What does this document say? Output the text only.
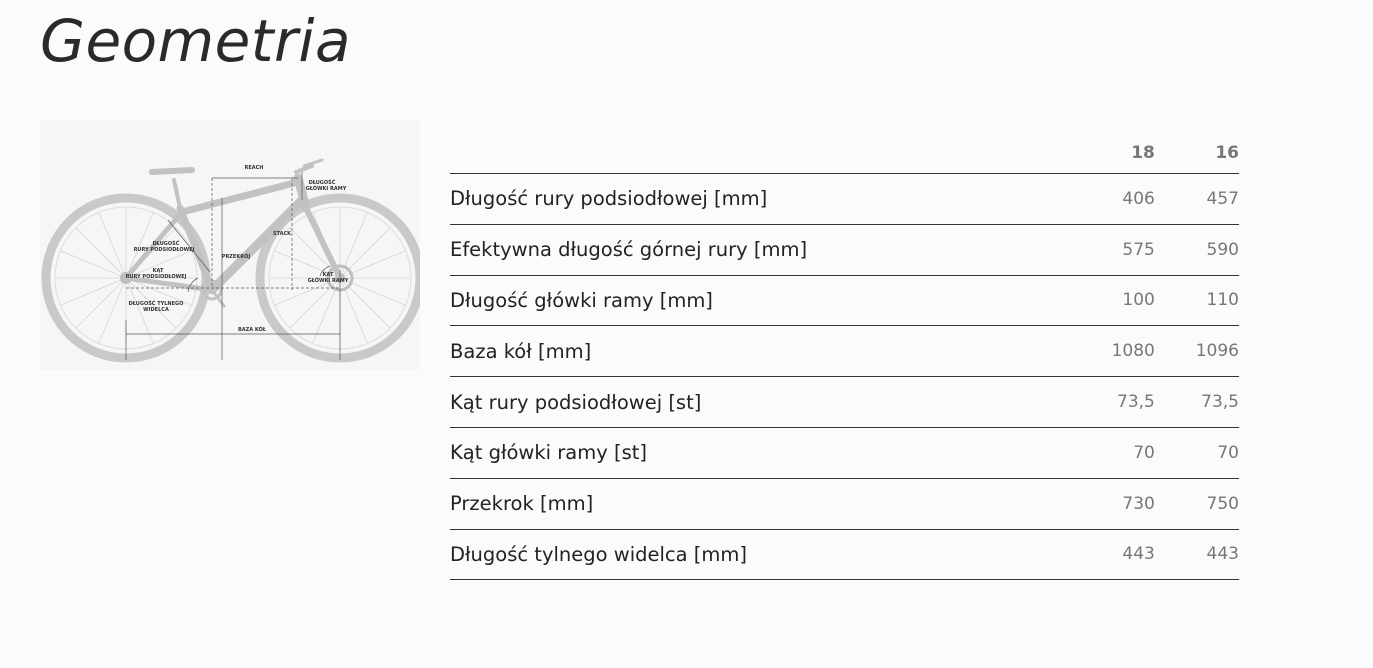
Geometria
REACH
DŁUGOŚĆ
GŁÓWKI RAMY
DŁUGOŚĆ
RURY PODSIODŁOWEJ
STACK
PRZEKRÓJ
KĄT
GŁÓWKI RAMY
KĄT
RURY PODSIODŁOWEJ
DŁUGOŚĆ TYLNEGO
WIDELCA
BAZA KÓŁ
	18	16
Długość rury podsiodłowej [mm]	406	457
Efektywna długość górnej rury [mm]	575	590
Długość główki ramy [mm]	100	110
Baza kół [mm]	1080	1096
Kąt rury podsiodłowej [st]	73,5	73,5
Kąt główki ramy [st]	70	70
Przekrok [mm]	730	750
Długość tylnego widelca [mm]	443	443
